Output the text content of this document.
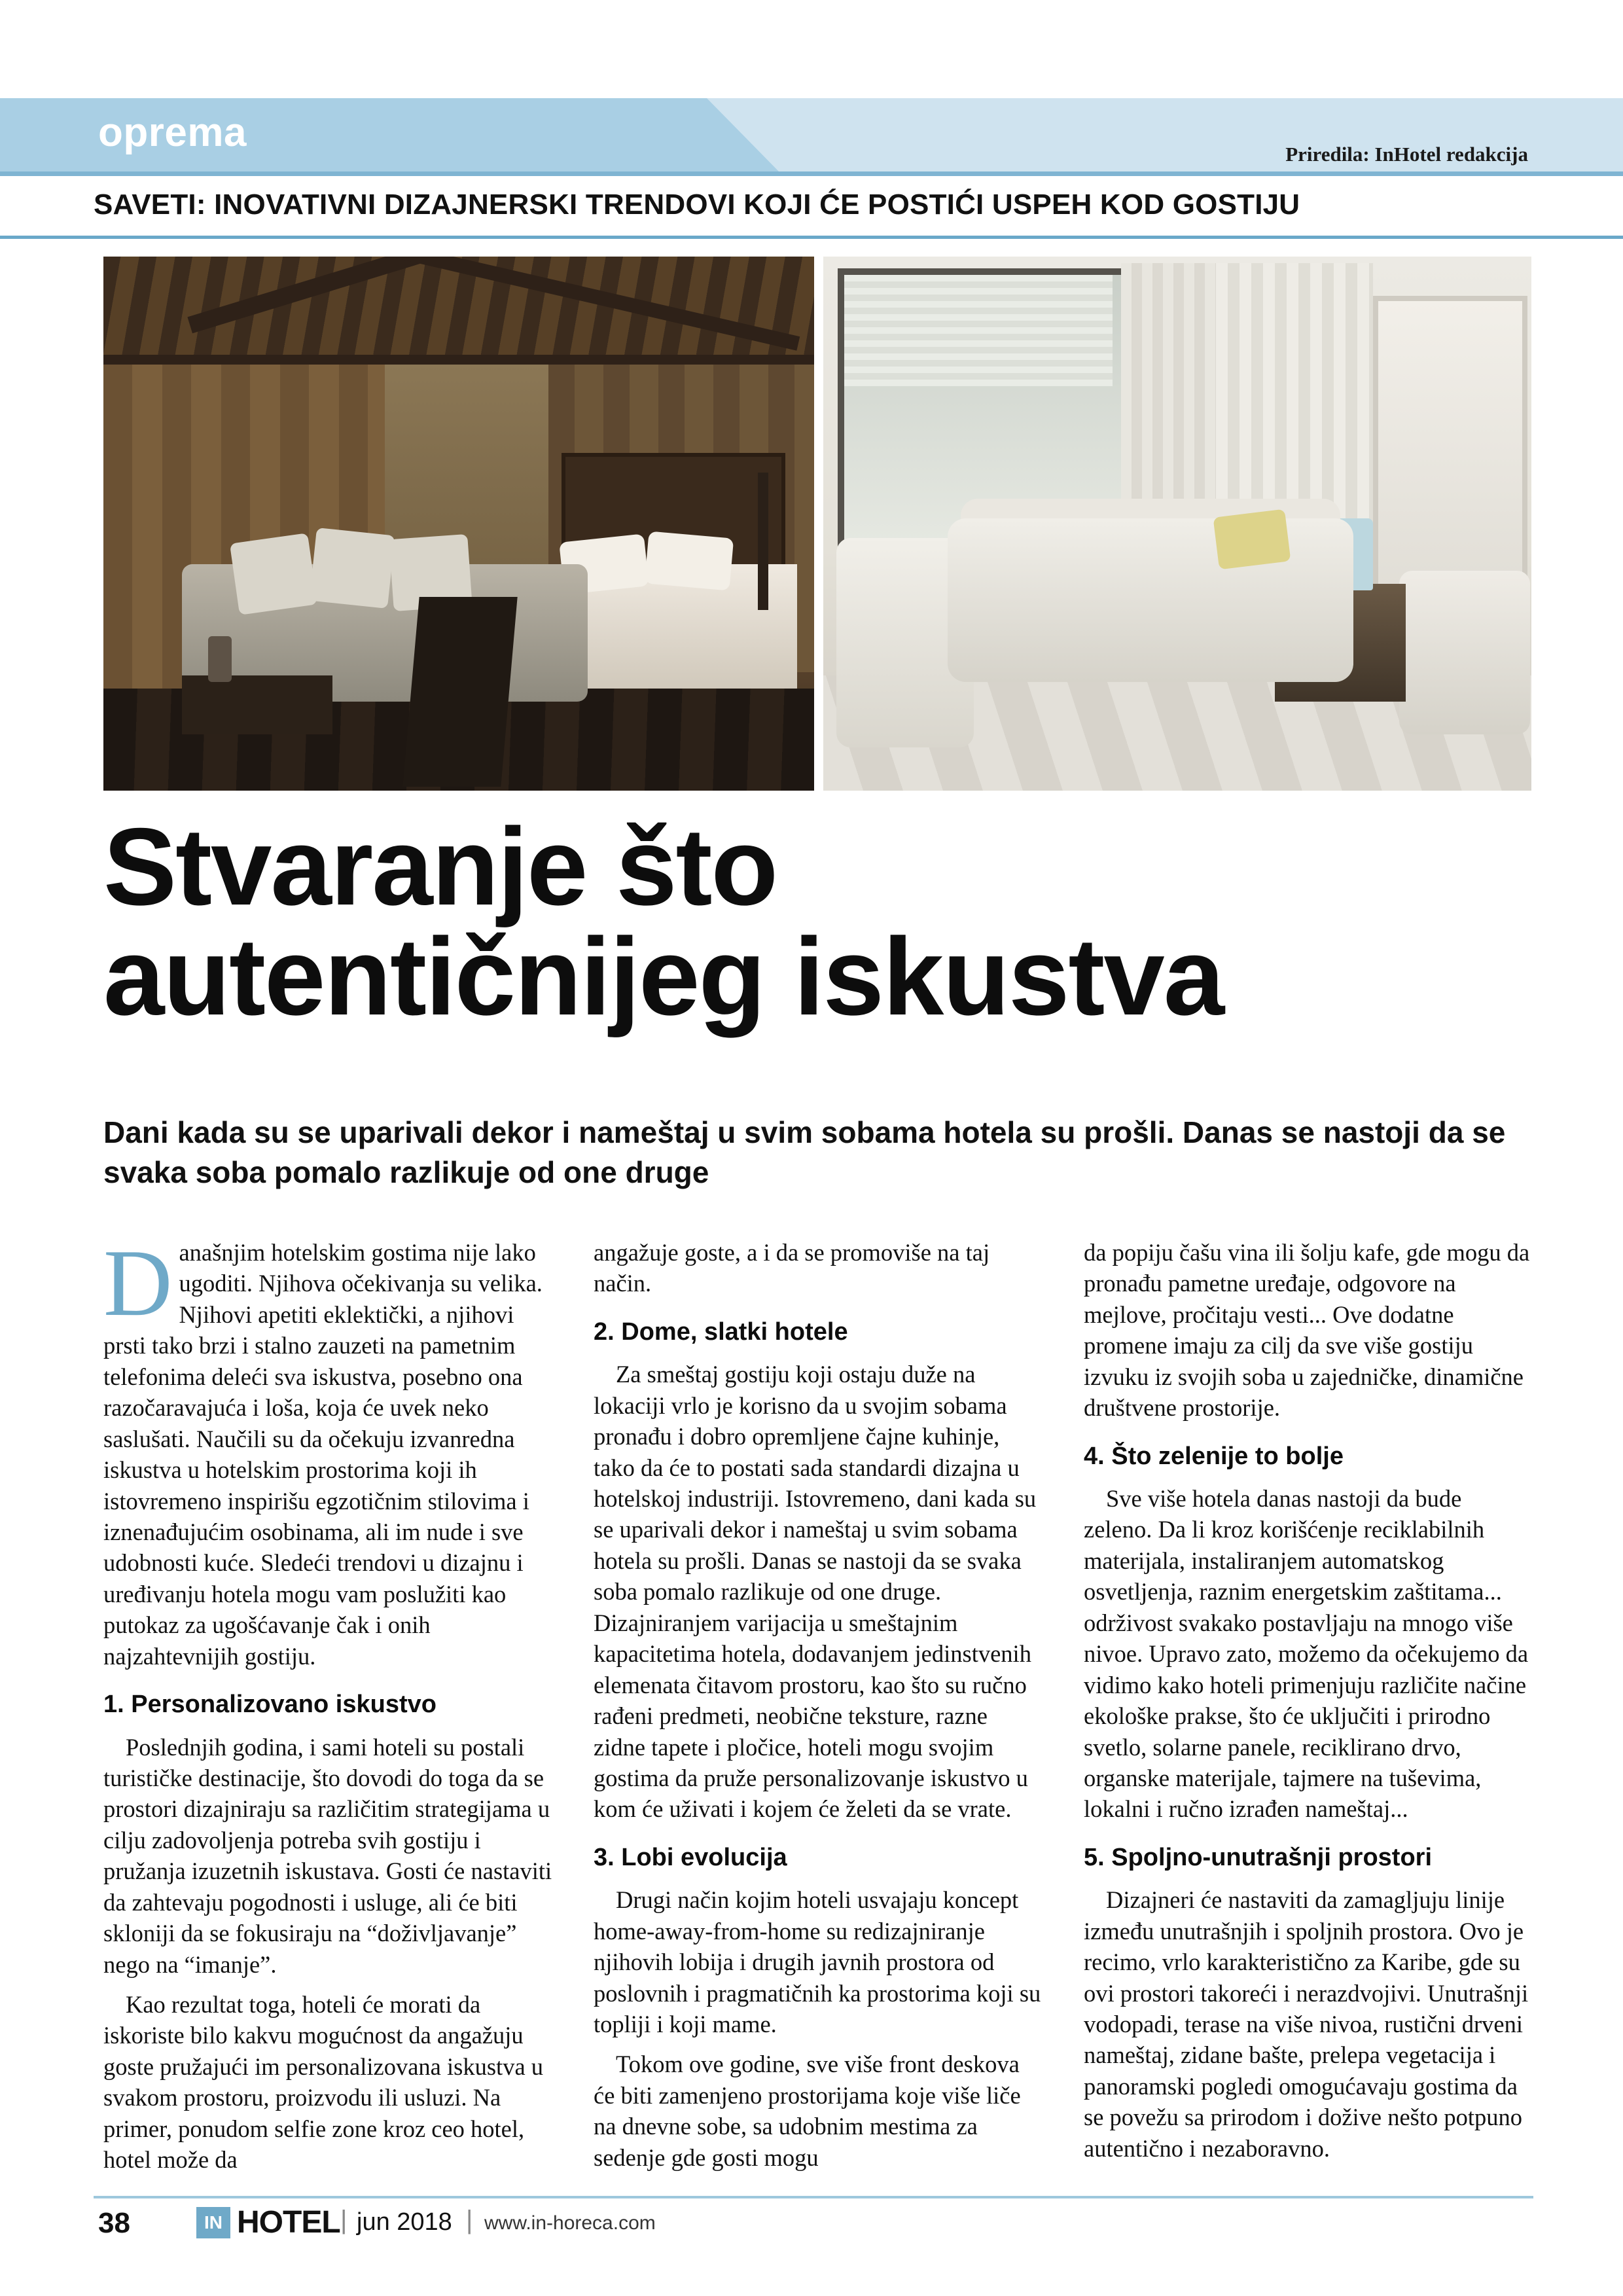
oprema	Priredila: InHotel redakcija
SAVETI: INOVATIVNI DIZAJNERSKI TRENDOVI KOJI ĆE POSTIĆI USPEH KOD GOSTIJU
Stvaranje što
autentičnijeg iskustva
Dani kada su se uparivali dekor i nameštaj u svim sobama hotela su prošli. Danas se nastoji da se svaka soba pomalo razlikuje od one druge

Današnjim hotelskim gostima nije lako ugoditi. Njihova očekivanja su velika. Njihovi apetiti eklektički, a njihovi prsti tako brzi i stalno zauzeti na pametnim telefonima deleći sva iskustva, posebno ona razočaravajuća i loša, koja će uvek neko saslušati. Naučili su da očekuju izvanredna iskustva u hotelskim prostorima koji ih istovremeno inspirišu egzotičnim stilovima i iznenađujućim osobinama, ali im nude i sve udobnosti kuće. Sledeći trendovi u dizajnu i uređivanju hotela mogu vam poslužiti kao putokaz za ugošćavanje čak i onih najzahtevnijih gostiju.

1. Personalizovano iskustvo

Poslednjih godina, i sami hoteli su postali turističke destinacije, što dovodi do toga da se prostori dizajniraju sa različitim strategijama u cilju zadovoljenja potreba svih gostiju i pružanja izuzetnih iskustava. Gosti će nastaviti da zahtevaju pogodnosti i usluge, ali će biti skloniji da se fokusiraju na “doživljavanje” nego na “imanje”.

Kao rezultat toga, hoteli će morati da iskoriste bilo kakvu mogućnost da angažuju goste pružajući im personalizovana iskustva u svakom prostoru, proizvodu ili usluzi. Na primer, ponudom selfie zone kroz ceo hotel, hotel može da

angažuje goste, a i da se promoviše na taj način.

2. Dome, slatki hotele

Za smeštaj gostiju koji ostaju duže na lokaciji vrlo je korisno da u svojim sobama pronađu i dobro opremljene čajne kuhinje, tako da će to postati sada standardi dizajna u hotelskoj industriji. Istovremeno, dani kada su se uparivali dekor i nameštaj u svim sobama hotela su prošli. Danas se nastoji da se svaka soba pomalo razlikuje od one druge. Dizajniranjem varijacija u smeštajnim kapacitetima hotela, dodavanjem jedinstvenih elemenata čitavom prostoru, kao što su ručno rađeni predmeti, neobične teksture, razne zidne tapete i pločice, hoteli mogu svojim gostima da pruže personalizovanje iskustvo u kom će uživati i kojem će želeti da se vrate.

3. Lobi evolucija

Drugi način kojim hoteli usvajaju koncept home-away-from-home su redizajniranje njihovih lobija i drugih javnih prostora od poslovnih i pragmatičnih ka prostorima koji su topliji i koji mame.

Tokom ove godine, sve više front deskova će biti zamenjeno prostorijama koje više liče na dnevne sobe, sa udobnim mestima za sedenje gde gosti mogu

da popiju čašu vina ili šolju kafe, gde mogu da pronađu pametne uređaje, odgovore na mejlove, pročitaju vesti... Ove dodatne promene imaju za cilj da sve više gostiju izvuku iz svojih soba u zajedničke, dinamične društvene prostorije.

4. Što zelenije to bolje

Sve više hotela danas nastoji da bude zeleno. Da li kroz korišćenje reciklabilnih materijala, instaliranjem automatskog osvetljenja, raznim energetskim zaštitama... održivost svakako postavljaju na mnogo više nivoe. Upravo zato, možemo da očekujemo da vidimo kako hoteli primenjuju različite načine ekološke prakse, što će uključiti i prirodno svetlo, solarne panele, reciklirano drvo, organske materijale, tajmere na tuševima, lokalni i ručno izrađen nameštaj...

5. Spoljno-unutrašnji prostori

Dizajneri će nastaviti da zamagljuju linije između unutrašnjih i spoljnih prostora. Ovo je recimo, vrlo karakteristično za Karibe, gde su ovi prostori takoreći i nerazdvojivi. Unutrašnji vodopadi, terase na više nivoa, rustični drveni nameštaj, zidane bašte, prelepa vegetacija i panoramski pogledi omogućavaju gostima da se povežu sa prirodom i dožive nešto potpuno autentično i nezaboravno.

38	IN HOTEL | jun 2018 | www.in-horeca.com
